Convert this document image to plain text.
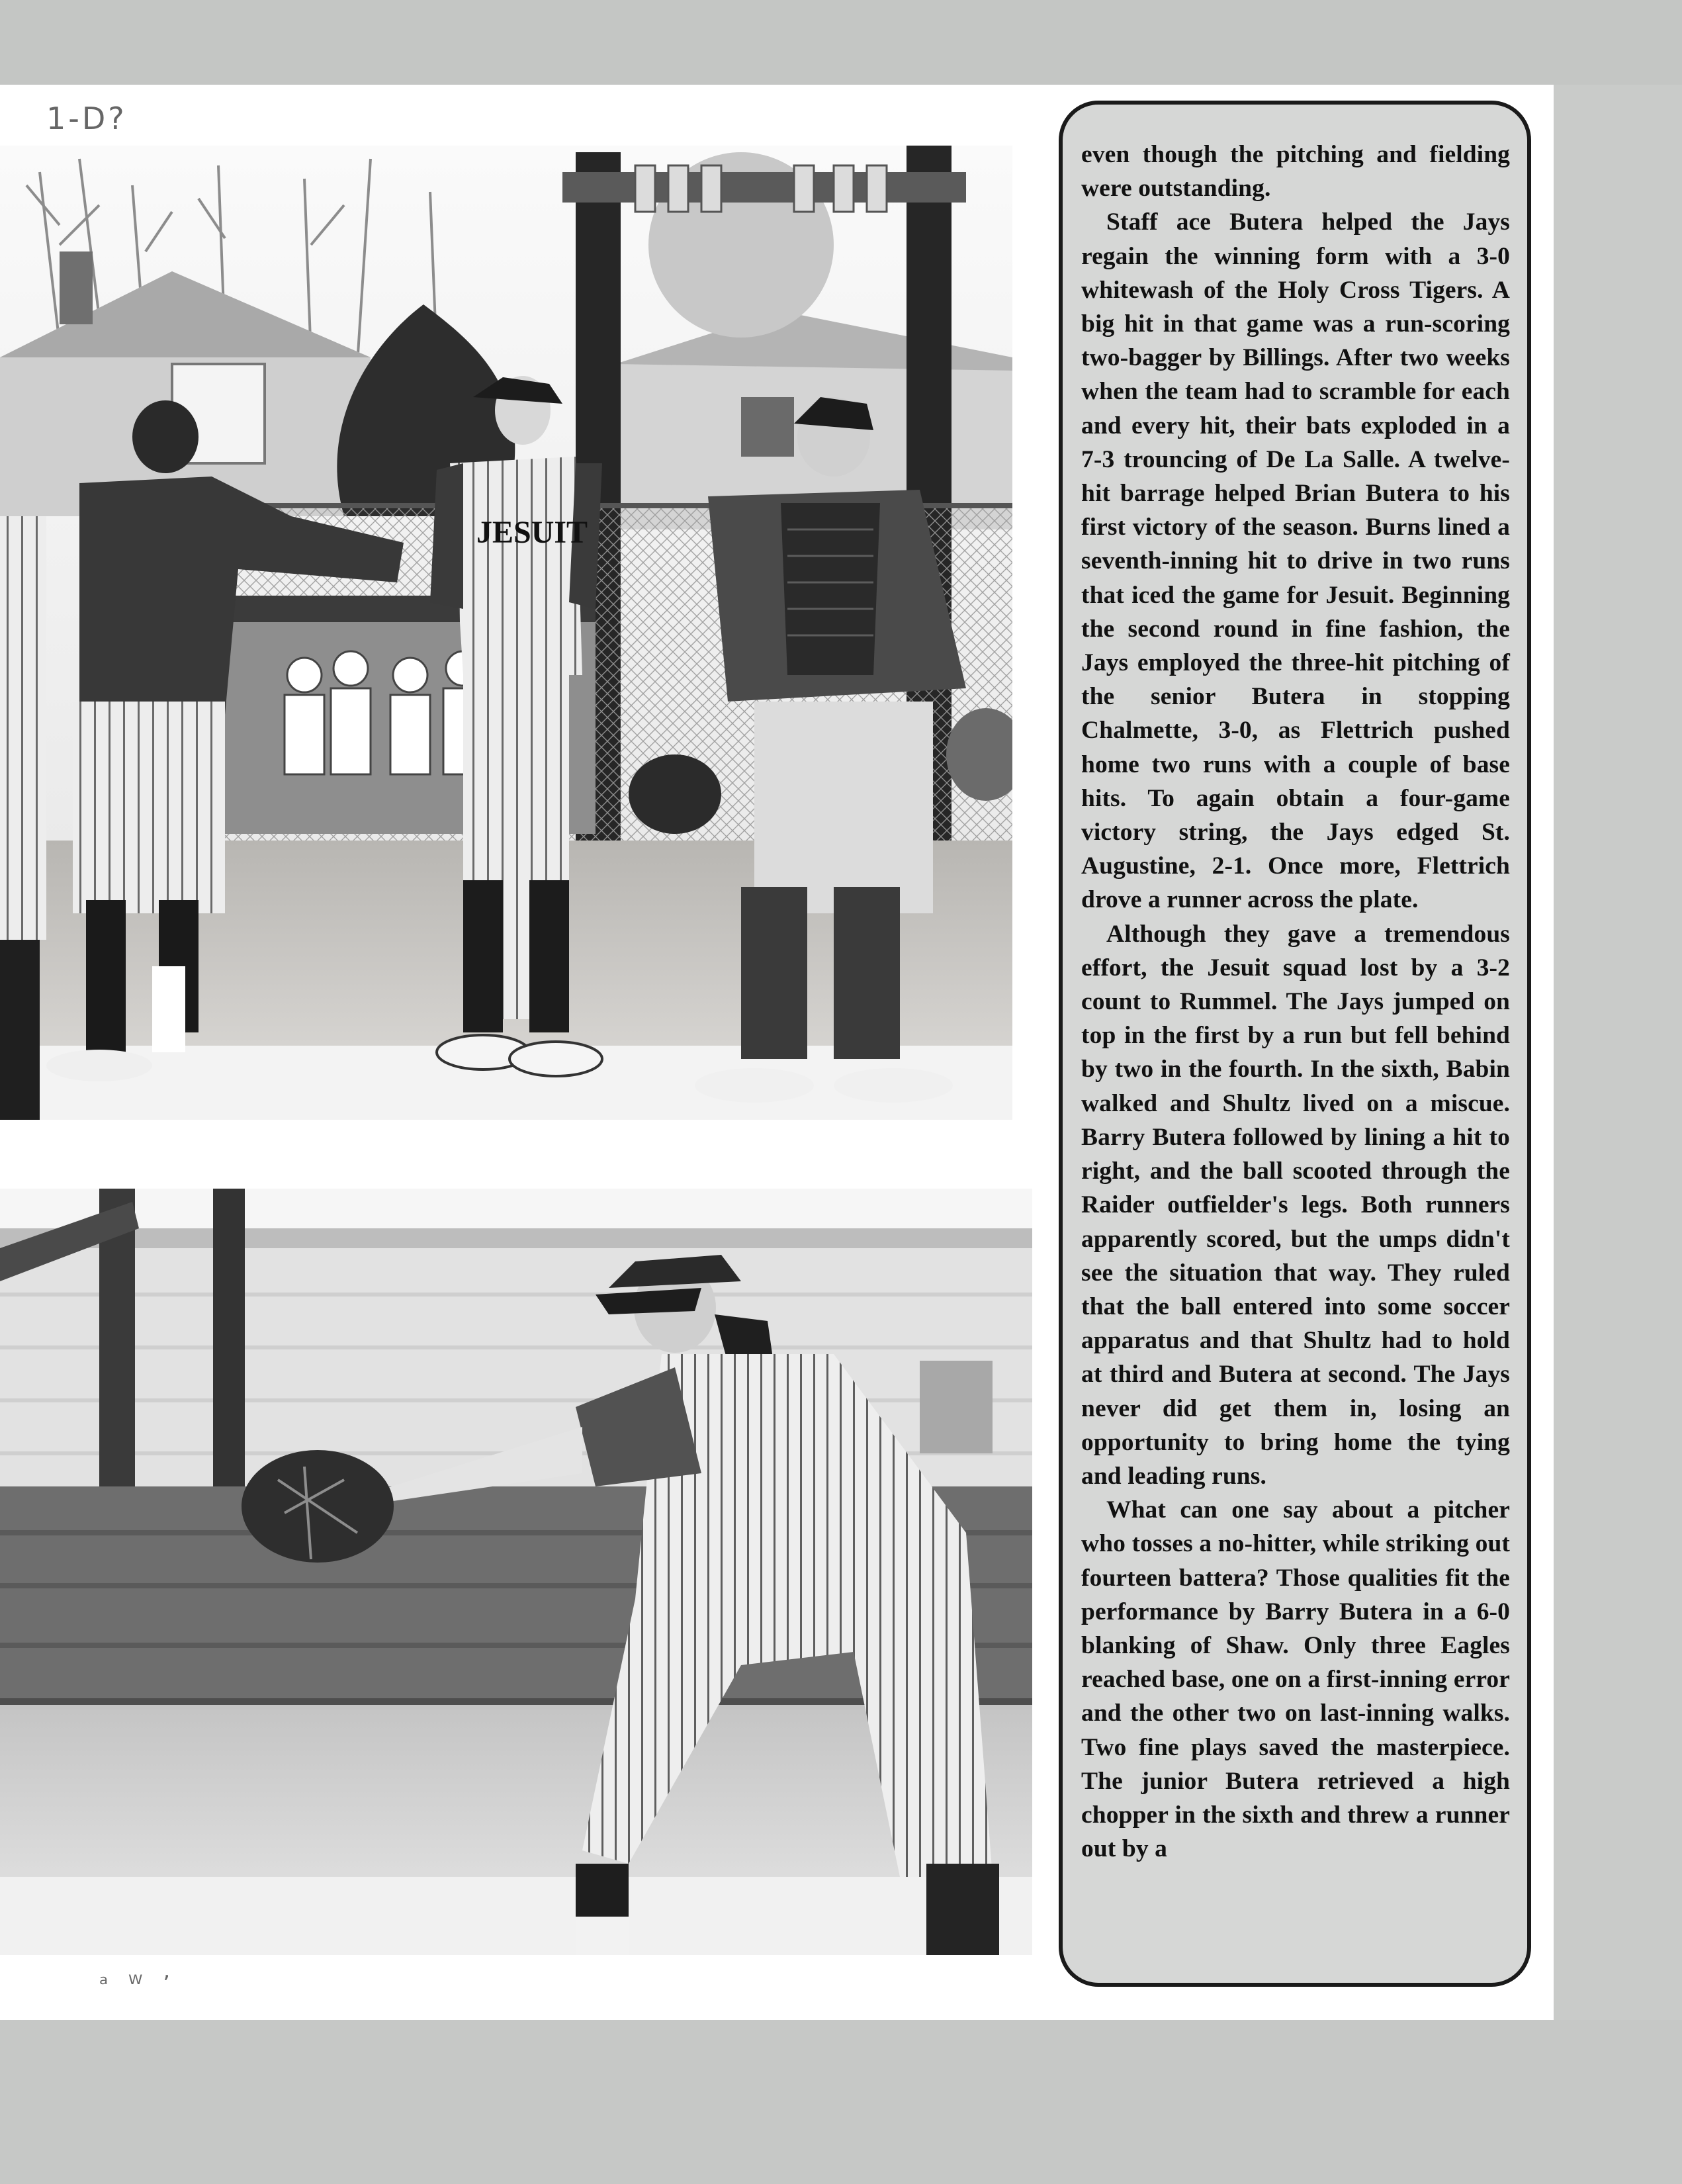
1-D?
JESUIT
ᵃ ᵂ ʼ

even though the pitching and fielding were outstanding.

Staff ace Butera helped the Jays regain the winning form with a 3-0 whitewash of the Holy Cross Tigers. A big hit in that game was a run-scoring two-bagger by Billings. After two weeks when the team had to scramble for each and every hit, their bats exploded in a 7-3 trouncing of De La Salle. A twelve-hit barrage helped Brian Butera to his first victory of the season. Burns lined a seventh-inning hit to drive in two runs that iced the game for Jesuit. Beginning the second round in fine fashion, the Jays employed the three-hit pitching of the senior Butera in stopping Chalmette, 3-0, as Flettrich pushed home two runs with a couple of base hits. To again obtain a four-game victory string, the Jays edged St. Augustine, 2-1. Once more, Flettrich drove a runner across the plate.

Although they gave a tremendous effort, the Jesuit squad lost by a 3-2 count to Rummel. The Jays jumped on top in the first by a run but fell behind by two in the fourth. In the sixth, Babin walked and Shultz lived on a miscue. Barry Butera followed by lining a hit to right, and the ball scooted through the Raider outfielder's legs. Both runners apparently scored, but the umps didn't see the situation that way. They ruled that the ball entered into some soccer apparatus and that Shultz had to hold at third and Butera at second. The Jays never did get them in, losing an opportunity to bring home the tying and leading runs.

What can one say about a pitcher who tosses a no-hitter, while striking out fourteen battera? Those qualities fit the performance by Barry Butera in a 6-0 blanking of Shaw. Only three Eagles reached base, one on a first-inning error and the other two on last-inning walks. Two fine plays saved the masterpiece. The junior Butera retrieved a high chopper in the sixth and threw a runner out by a
